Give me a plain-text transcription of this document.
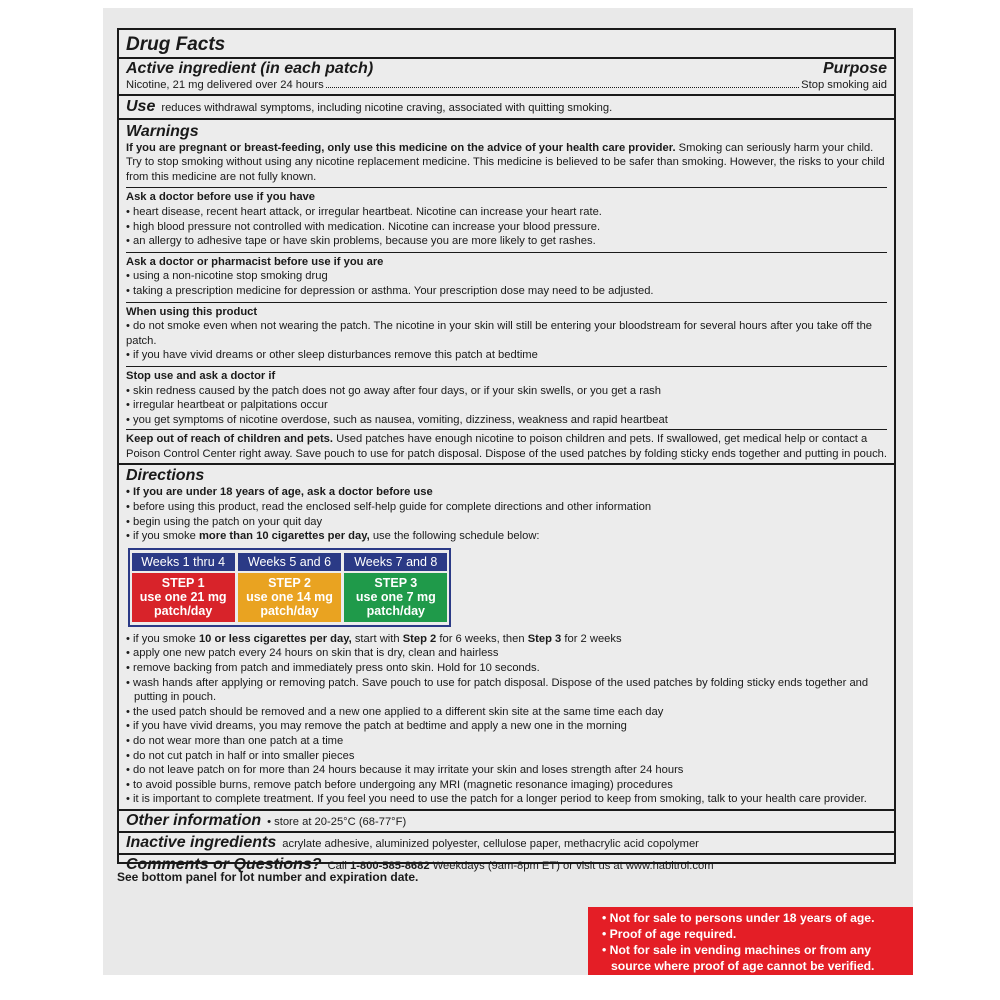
Drug Facts
Active ingredient (in each patch)	Purpose
Nicotine, 21 mg delivered over 24 hours	Stop smoking aid
Use reduces withdrawal symptoms, including nicotine craving, associated with quitting smoking.
Warnings
If you are pregnant or breast-feeding, only use this medicine on the advice of your health care provider. Smoking can seriously harm your child. Try to stop smoking without using any nicotine replacement medicine. This medicine is believed to be safer than smoking. However, the risks to your child from this medicine are not fully known.
Ask a doctor before use if you have
• heart disease, recent heart attack, or irregular heartbeat. Nicotine can increase your heart rate.
• high blood pressure not controlled with medication. Nicotine can increase your blood pressure.
• an allergy to adhesive tape or have skin problems, because you are more likely to get rashes.
Ask a doctor or pharmacist before use if you are
• using a non-nicotine stop smoking drug
• taking a prescription medicine for depression or asthma. Your prescription dose may need to be adjusted.
When using this product
• do not smoke even when not wearing the patch. The nicotine in your skin will still be entering your bloodstream for several hours after you take off the patch.
• if you have vivid dreams or other sleep disturbances remove this patch at bedtime
Stop use and ask a doctor if
• skin redness caused by the patch does not go away after four days, or if your skin swells, or you get a rash
• irregular heartbeat or palpitations occur
• you get symptoms of nicotine overdose, such as nausea, vomiting, dizziness, weakness and rapid heartbeat
Keep out of reach of children and pets. Used patches have enough nicotine to poison children and pets. If swallowed, get medical help or contact a Poison Control Center right away. Save pouch to use for patch disposal. Dispose of the used patches by folding sticky ends together and putting in pouch.
Directions
• If you are under 18 years of age, ask a doctor before use
• before using this product, read the enclosed self-help guide for complete directions and other information
• begin using the patch on your quit day
• if you smoke more than 10 cigarettes per day, use the following schedule below:
Weeks 1 thru 4
STEP 1
use one 21 mg patch/day
Weeks 5 and 6
STEP 2
use one 14 mg patch/day
Weeks 7 and 8
STEP 3
use one 7 mg patch/day
• if you smoke 10 or less cigarettes per day, start with Step 2 for 6 weeks, then Step 3 for 2 weeks
• apply one new patch every 24 hours on skin that is dry, clean and hairless
• remove backing from patch and immediately press onto skin. Hold for 10 seconds.
• wash hands after applying or removing patch. Save pouch to use for patch disposal. Dispose of the used patches by folding sticky ends together and putting in pouch.
• the used patch should be removed and a new one applied to a different skin site at the same time each day
• if you have vivid dreams, you may remove the patch at bedtime and apply a new one in the morning
• do not wear more than one patch at a time
• do not cut patch in half or into smaller pieces
• do not leave patch on for more than 24 hours because it may irritate your skin and loses strength after 24 hours
• to avoid possible burns, remove patch before undergoing any MRI (magnetic resonance imaging) procedures
• it is important to complete treatment. If you feel you need to use the patch for a longer period to keep from smoking, talk to your health care provider.
Other information • store at 20-25°C (68-77°F)
Inactive ingredients acrylate adhesive, aluminized polyester, cellulose paper, methacrylic acid copolymer
Comments or Questions? Call 1-800-585-8682 Weekdays (9am-8pm ET) or visit us at www.habitrol.com
See bottom panel for lot number and expiration date.
• Not for sale to persons under 18 years of age.
• Proof of age required.
• Not for sale in vending machines or from any source where proof of age cannot be verified.
